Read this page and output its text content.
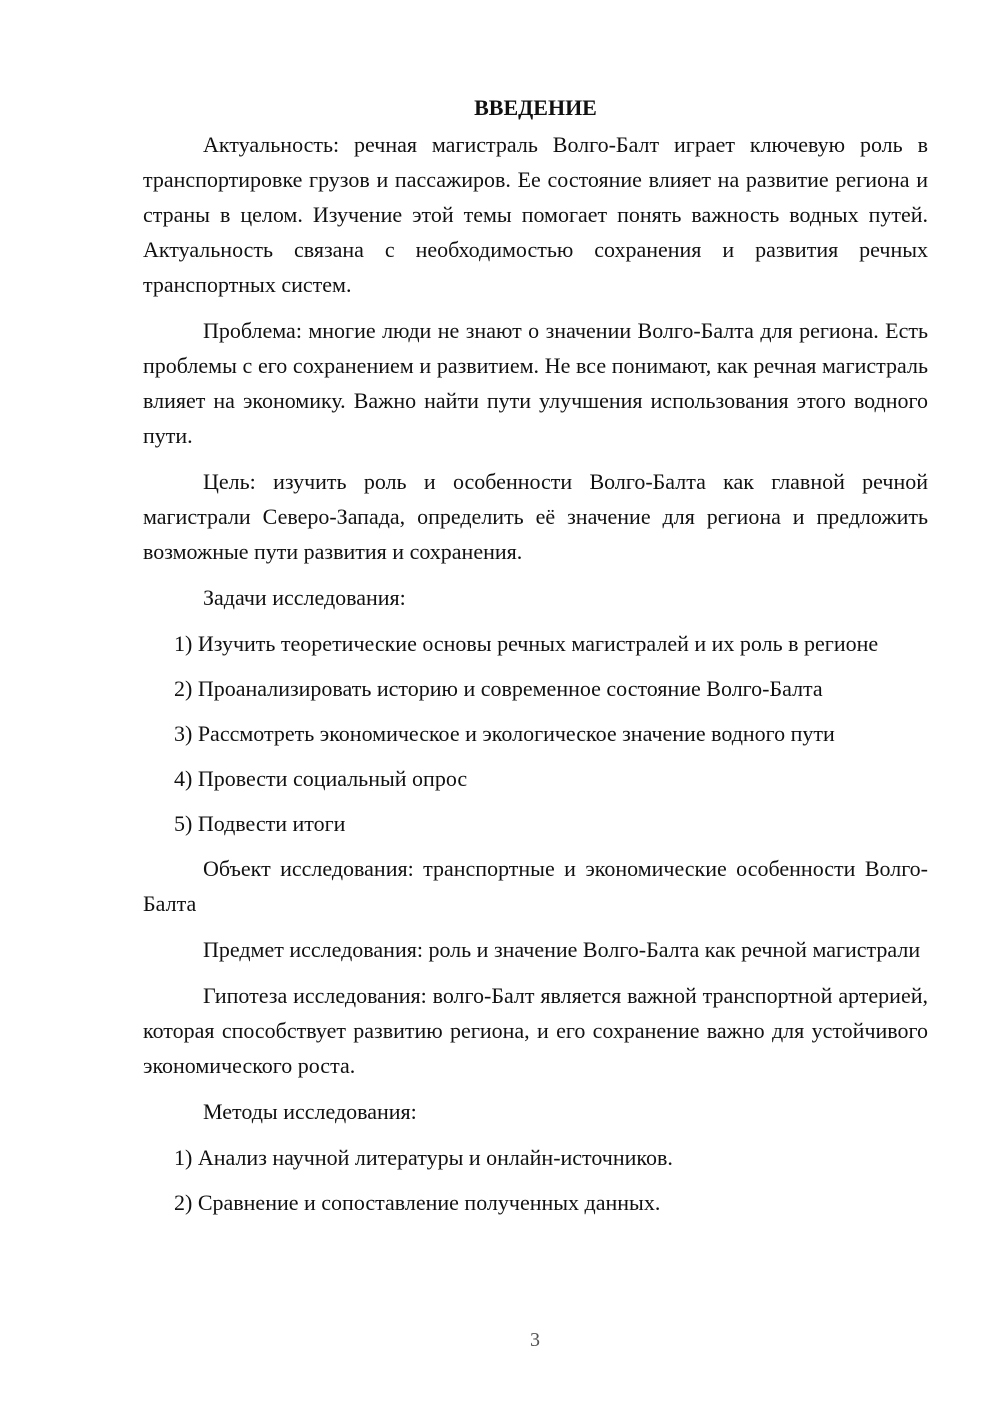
ВВЕДЕНИЕ

Актуальность: речная магистраль Волго-Балт играет ключевую роль в транспортировке грузов и пассажиров. Ее состояние влияет на развитие региона и страны в целом. Изучение этой темы помогает понять важность водных путей. Актуальность связана с необходимостью сохранения и развития речных транспортных систем.

Проблема: многие люди не знают о значении Волго-Балта для региона. Есть проблемы с его сохранением и развитием. Не все понимают, как речная магистраль влияет на экономику. Важно найти пути улучшения использования этого водного пути.

Цель: изучить роль и особенности Волго-Балта как главной речной магистрали Северо-Запада, определить её значение для региона и предложить возможные пути развития и сохранения.

Задачи исследования:

1) Изучить теоретические основы речных магистралей и их роль в регионе

2) Проанализировать историю и современное состояние Волго-Балта

3) Рассмотреть экономическое и экологическое значение водного пути

4) Провести социальный опрос

5) Подвести итоги

Объект исследования: транспортные и экономические особенности Волго-Балта

Предмет исследования: роль и значение Волго-Балта как речной магистрали

Гипотеза исследования: волго-Балт является важной транспортной артерией, которая способствует развитию региона, и его сохранение важно для устойчивого экономического роста.

Методы исследования:

1) Анализ научной литературы и онлайн-источников.

2) Сравнение и сопоставление полученных данных.

3
